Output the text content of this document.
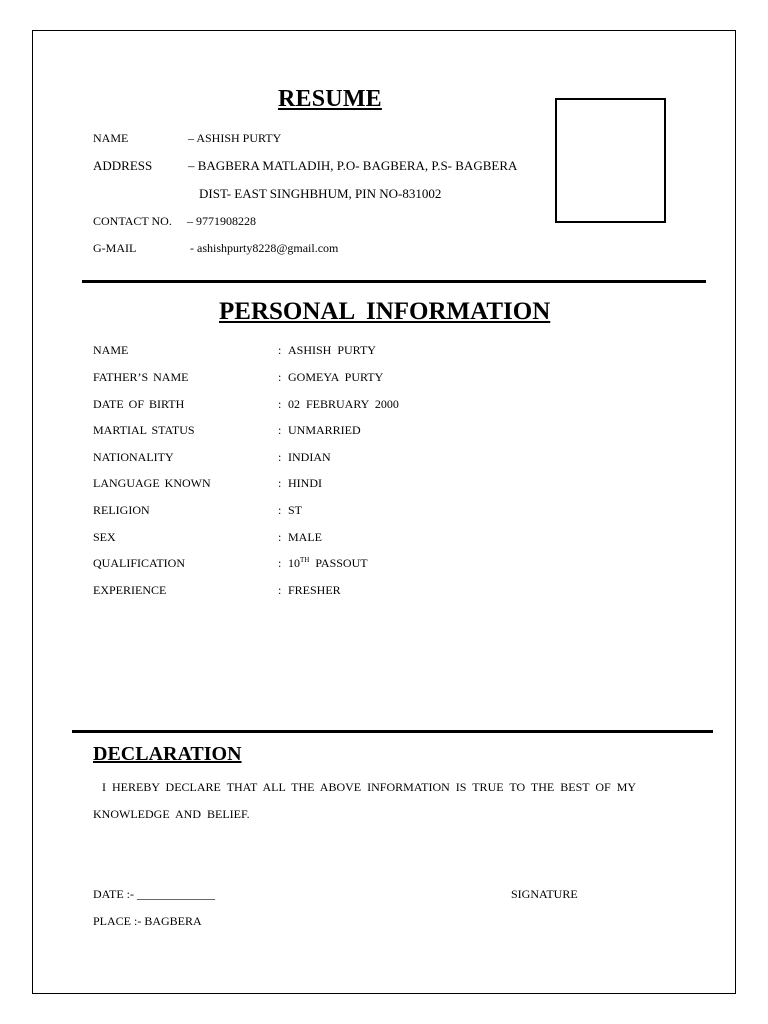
RESUME
NAME	– ASHISH PURTY
ADDRESS	– BAGBERA MATLADIH, P.O- BAGBERA, P.S- BAGBERA
DIST- EAST SINGHBHUM, PIN NO-831002
CONTACT NO. – 9771908228
G-MAIL	- ashishpurty8228@gmail.com
PERSONAL INFORMATION
NAME	: ASHISH PURTY
FATHER’S NAME	: GOMEYA PURTY
DATE OF BIRTH	: 02 FEBRUARY 2000
MARTIAL STATUS	: UNMARRIED
NATIONALITY	: INDIAN
LANGUAGE KNOWN	: HINDI
RELIGION	: ST
SEX	: MALE
QUALIFICATION	: 10TH PASSOUT
EXPERIENCE	: FRESHER
DECLARATION
I HEREBY DECLARE THAT ALL THE ABOVE INFORMATION IS TRUE TO THE BEST OF MY
KNOWLEDGE AND BELIEF.
DATE :- _____________	SIGNATURE
PLACE :- BAGBERA
